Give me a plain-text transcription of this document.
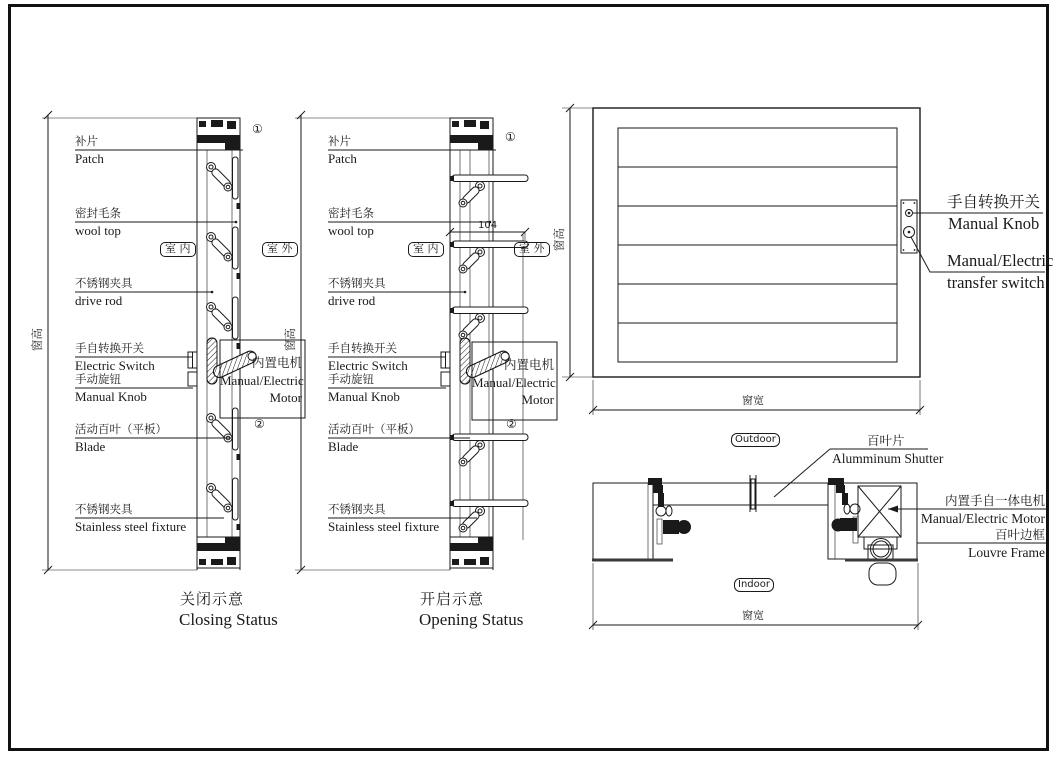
补片
Patch
密封毛条
wool top
不锈钢夹具
drive rod
手自转换开关
Electric Switch
手动旋钮
Manual Knob
活动百叶（平板）
Blade
不锈钢夹具
Stainless steel fixture
室 内	室 外
窗高
①
②
内置电机
Manual/Electric
Motor
关闭示意
Closing Status
补片
Patch
密封毛条
wool top
不锈钢夹具
drive rod
手自转换开关
Electric Switch
手动旋钮
Manual Knob
活动百叶（平板）
Blade
不锈钢夹具
Stainless steel fixture
室 内	室 外
窗高
104
①
②
内置电机
Manual/Electric
Motor
开启示意
Opening Status
窗高
窗宽
手自转换开关
Manual Knob
Manual/Electric
transfer switch
Outdoor
Indoor
窗宽
百叶片
Alumminum Shutter
内置手自一体电机
Manual/Electric Motor
百叶边框
Louvre Frame
